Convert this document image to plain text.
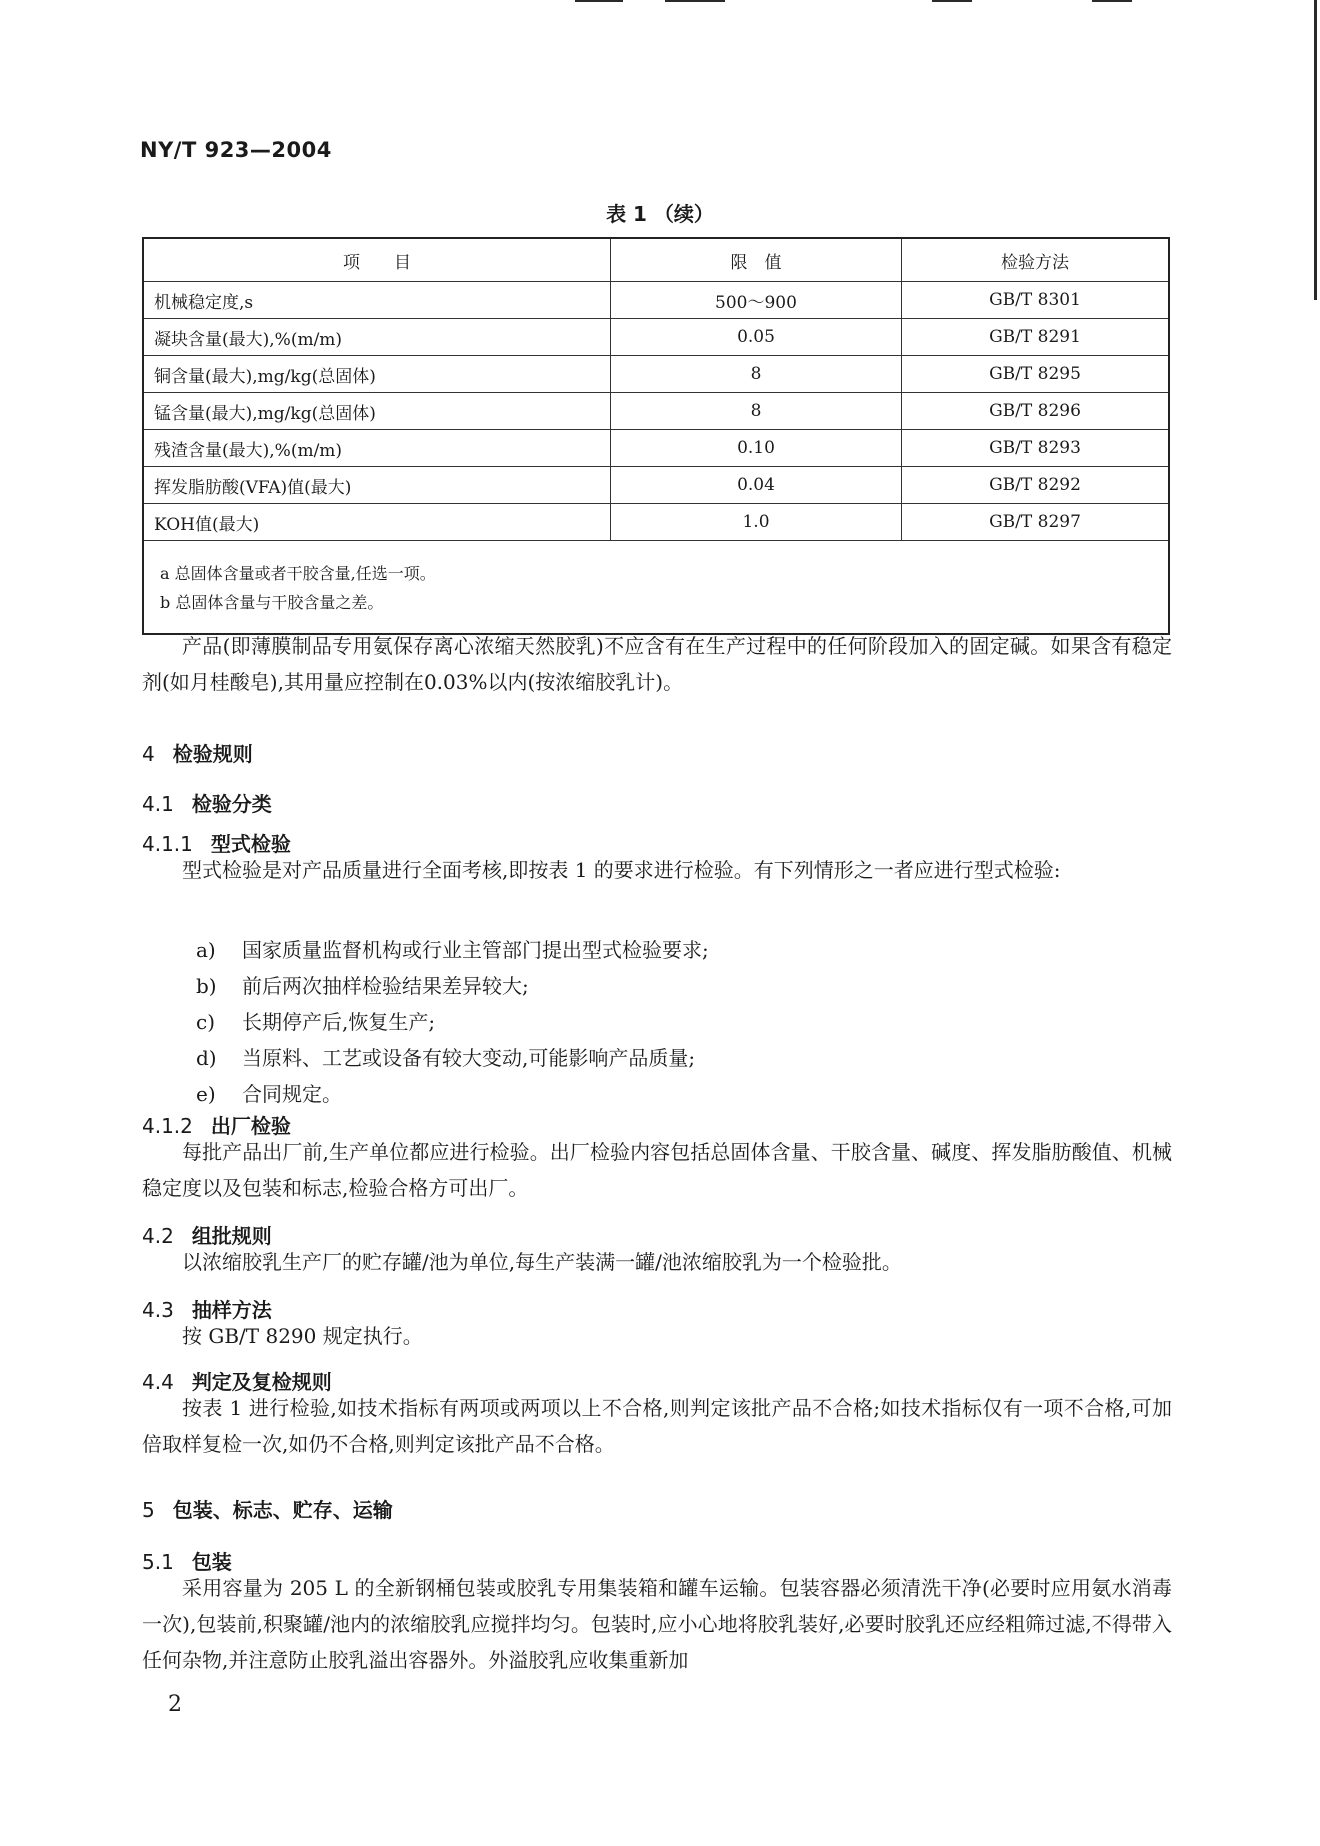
NY/T 923—2004
表 1 （续）
项　　目	限　值	检验方法
机械稳定度,s	500～900	GB/T 8301
凝块含量(最大),%(m/m)	0.05	GB/T 8291
铜含量(最大),mg/kg(总固体)	8	GB/T 8295
锰含量(最大),mg/kg(总固体)	8	GB/T 8296
残渣含量(最大),%(m/m)	0.10	GB/T 8293
挥发脂肪酸(VFA)值(最大)	0.04	GB/T 8292
KOH值(最大)	1.0	GB/T 8297

a 总固体含量或者干胶含量,任选一项。

b 总固体含量与干胶含量之差。		

产品(即薄膜制品专用氨保存离心浓缩天然胶乳)不应含有在生产过程中的任何阶段加入的固定碱。如果含有稳定剂(如月桂酸皂),其用量应控制在0.03%以内(按浓缩胶乳计)。
4 检验规则
4.1 检验分类
4.1.1 型式检验
型式检验是对产品质量进行全面考核,即按表 1 的要求进行检验。有下列情形之一者应进行型式检验:
a) 国家质量监督机构或行业主管部门提出型式检验要求;
b) 前后两次抽样检验结果差异较大;
c) 长期停产后,恢复生产;
d) 当原料、工艺或设备有较大变动,可能影响产品质量;
e) 合同规定。
4.1.2 出厂检验
每批产品出厂前,生产单位都应进行检验。出厂检验内容包括总固体含量、干胶含量、碱度、挥发脂肪酸值、机械稳定度以及包装和标志,检验合格方可出厂。
4.2 组批规则
以浓缩胶乳生产厂的贮存罐/池为单位,每生产装满一罐/池浓缩胶乳为一个检验批。
4.3 抽样方法
按 GB/T 8290 规定执行。
4.4 判定及复检规则
按表 1 进行检验,如技术指标有两项或两项以上不合格,则判定该批产品不合格;如技术指标仅有一项不合格,可加倍取样复检一次,如仍不合格,则判定该批产品不合格。
5 包装、标志、贮存、运输
5.1 包装
采用容量为 205 L 的全新钢桶包装或胶乳专用集装箱和罐车运输。包装容器必须清洗干净(必要时应用氨水消毒一次),包装前,积聚罐/池内的浓缩胶乳应搅拌均匀。包装时,应小心地将胶乳装好,必要时胶乳还应经粗筛过滤,不得带入任何杂物,并注意防止胶乳溢出容器外。外溢胶乳应收集重新加
2
